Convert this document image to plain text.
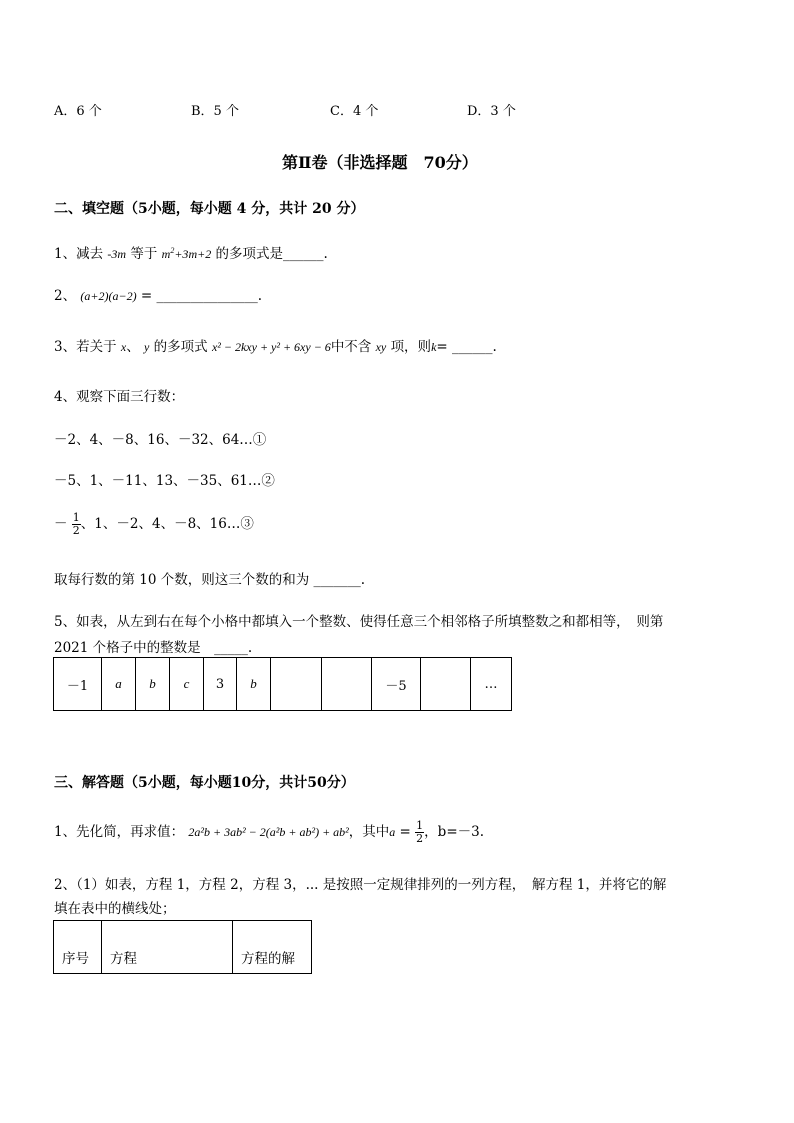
A．6 个	B．5 个	C．4 个	D．3 个
第Ⅱ卷（非选择题　70分）
二、填空题（5小题，每小题 4 分，共计 20 分）
1、减去 -3m 等于 $m^2+3m+2$ 的多项式是______.
2、 (a+2)(a−2) = _______________.
3、若关于 x、 y 的多项式 x² − 2kxy + y² + 6xy − 6中不含 xy 项，则k= ______.
4、观察下面三行数：
－2、4、－8、16、－32、64…①
－5、1、－11、13、－35、61…②
－ $\frac{1}{2}$ 、1、－2、4、－8、16…③
取每行数的第 10 个数，则这三个数的和为 _______.
5、如表，从左到右在每个小格中都填入一个整数、使得任意三个相邻格子所填整数之和都相等，　则第
2021 个格子中的整数是　_____.
－1	a	b	c	3	b			－5		…
三、解答题（5小题，每小题10分，共计50分）
1、先化简，再求值： 2a²b + 3ab² − 2(a²b + ab²) + ab²，其中$a = \frac{1}{2}$ ，b=－3.
2、（1）如表，方程 1，方程 2，方程 3，... 是按照一定规律排列的一列方程，　解方程 1，并将它的解
填在表中的横线处；
序号	方程	方程的解
